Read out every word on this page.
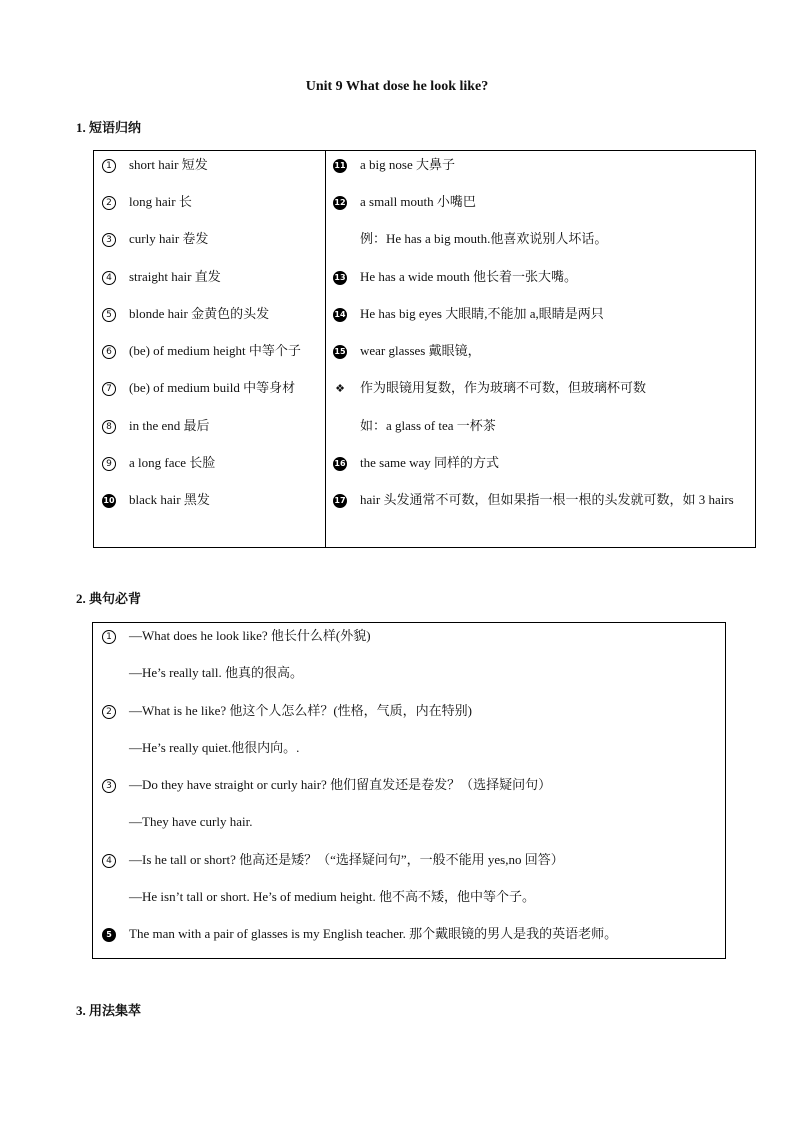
Unit 9 What dose he look like?
1. 短语归纳
1 short hair 短发
2 long hair 长
3 curly hair 卷发
4 straight hair 直发
5 blonde hair 金黄色的头发
6 (be) of medium height 中等个子
7 (be) of medium build 中等身材
8 in the end 最后
9 a long face 长脸
10 black hair 黑发
11 a big nose 大鼻子
12 a small mouth 小嘴巴
例：He has a big mouth.他喜欢说别人坏话。
13 He has a wide mouth 他长着一张大嘴。
14 He has big eyes 大眼睛,不能加 a,眼睛是两只
15 wear glasses 戴眼镜，
❖ 作为眼镜用复数，作为玻璃不可数，但玻璃杯可数
如：a glass of tea 一杯茶
16 the same way 同样的方式
17 hair 头发通常不可数，但如果指一根一根的头发就可数，如 3 hairs
2. 典句必背
1 —What does he look like? 他长什么样(外貌)
—He’s really tall. 他真的很高。
2 —What is he like? 他这个人怎么样？(性格，气质，内在特别)
—He’s really quiet.他很内向。.
3 —Do they have straight or curly hair? 他们留直发还是卷发？（选择疑问句）
—They have curly hair.
4 —Is he tall or short? 他高还是矮？（“选择疑问句”，一般不能用 yes,no 回答）
—He isn’t tall or short. He’s of medium height. 他不高不矮，他中等个子。
5 The man with a pair of glasses is my English teacher. 那个戴眼镜的男人是我的英语老师。
3. 用法集萃
